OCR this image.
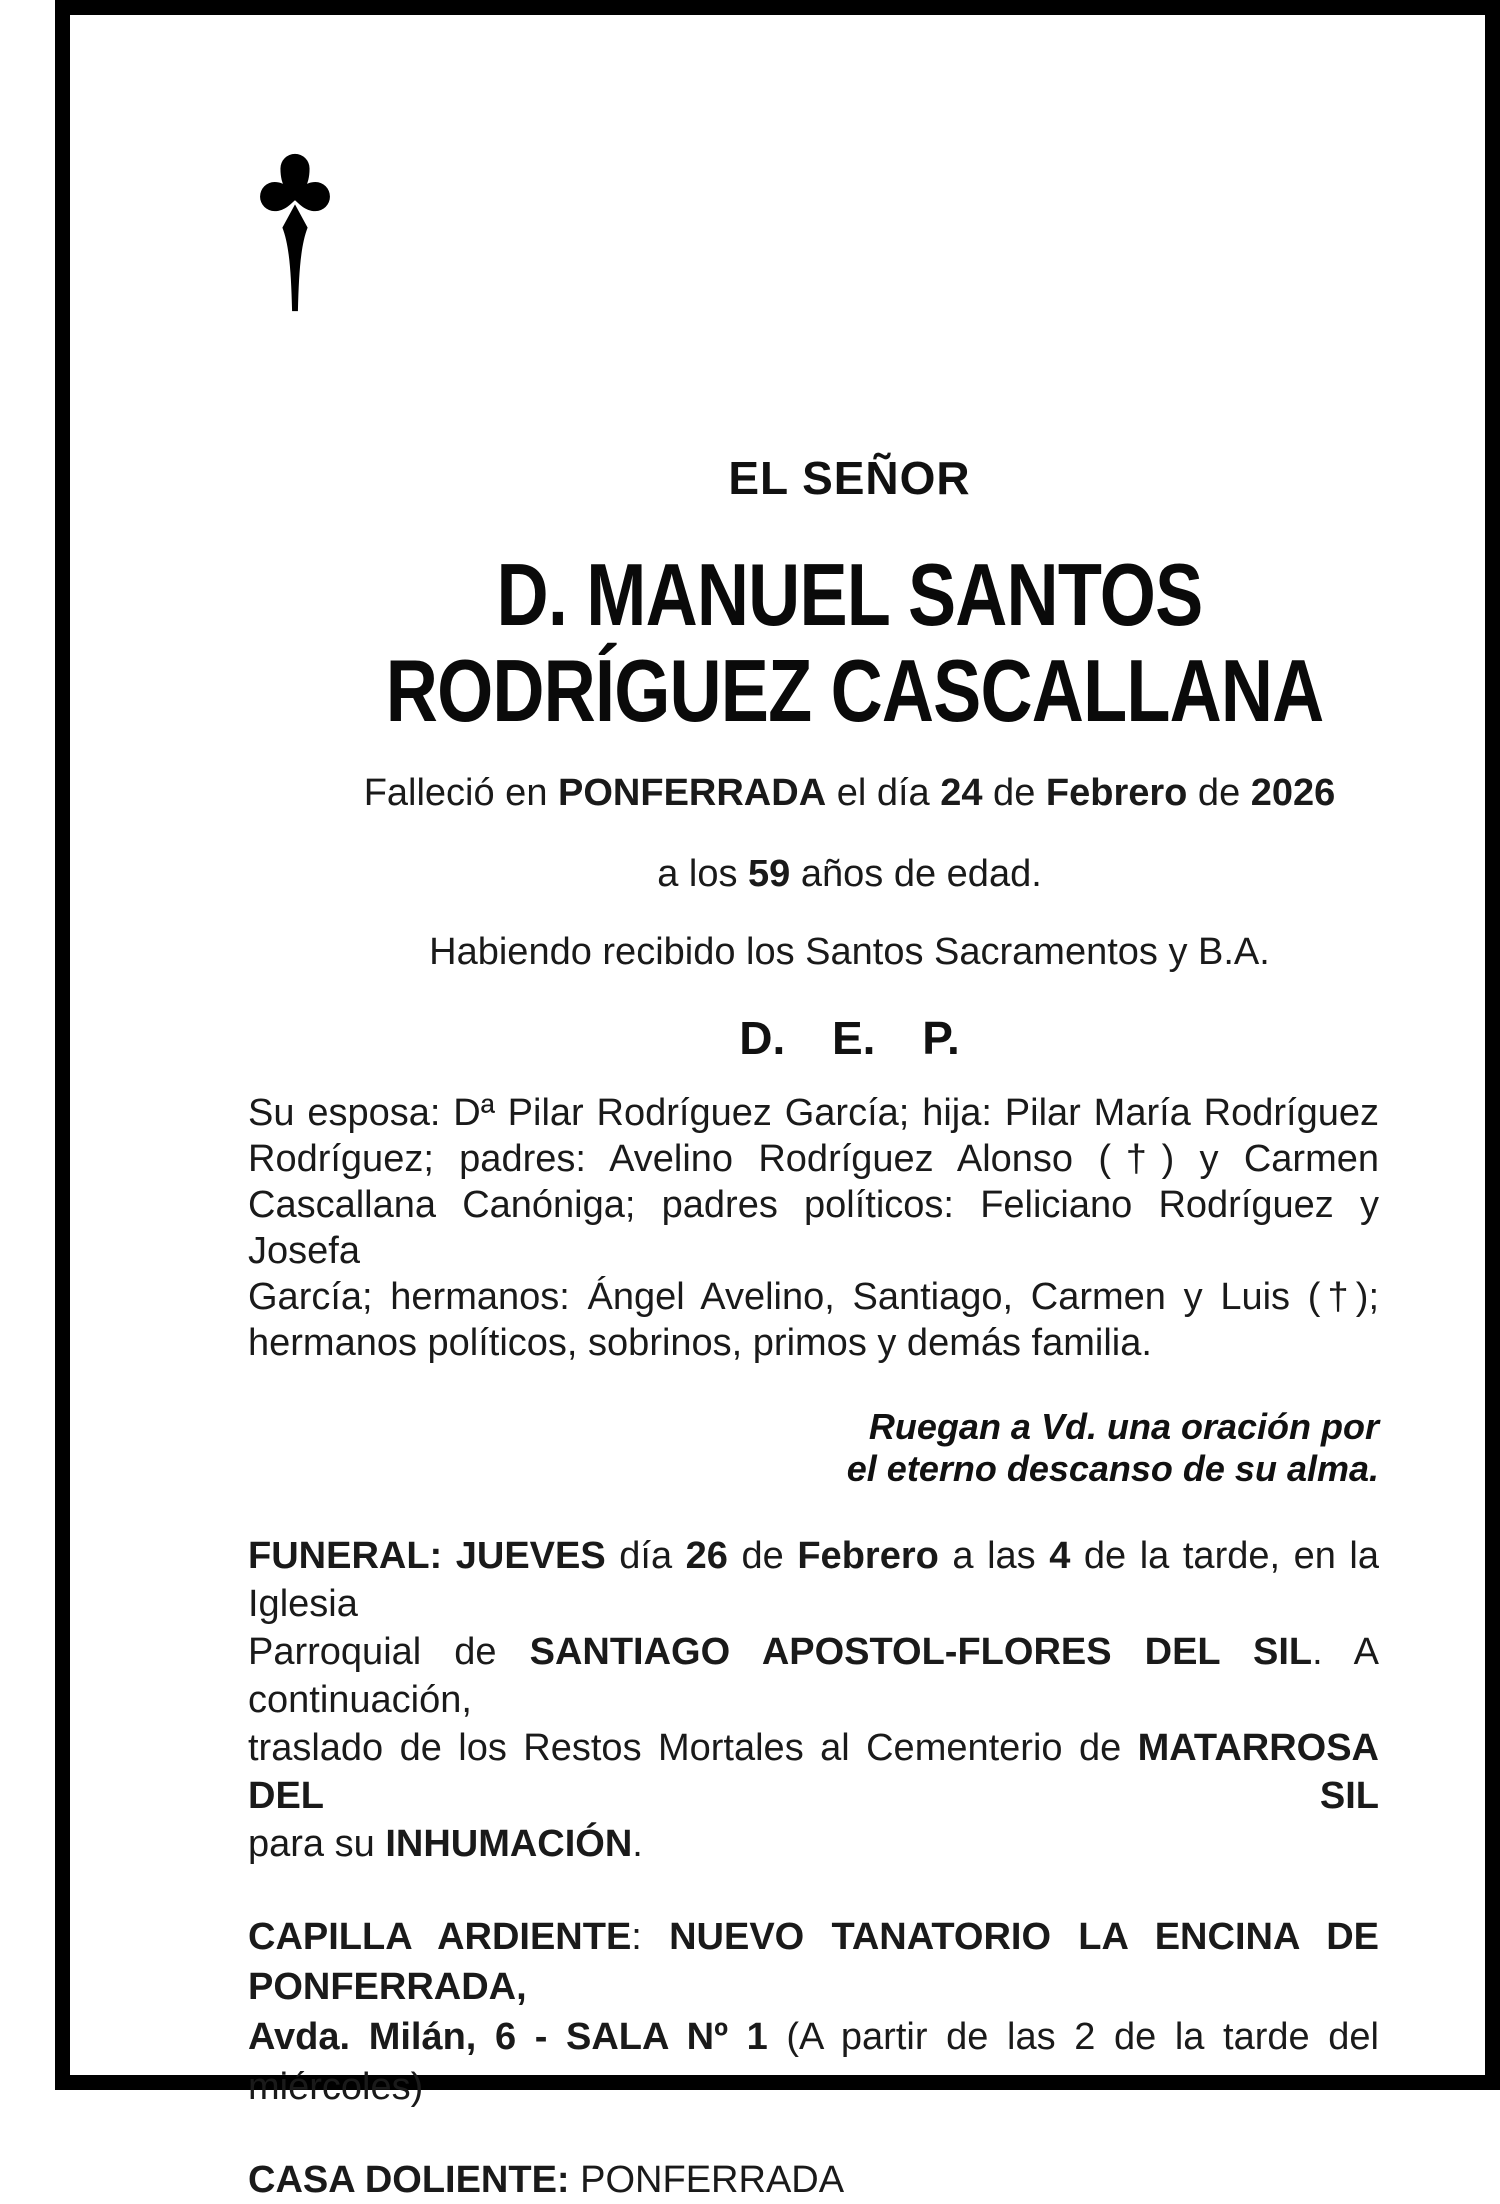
EL SEÑOR
D. MANUEL SANTOS
RODRÍGUEZ CASCALLANA
Falleció en PONFERRADA el día 24 de Febrero de 2026
a los 59 años de edad.
Habiendo recibido los Santos Sacramentos y B.A.
D. E. P.
Su esposa: Dª Pilar Rodríguez García; hija: Pilar María Rodríguez
Rodríguez; padres: Avelino Rodríguez Alonso (†) y Carmen
Cascallana Canóniga; padres políticos: Feliciano Rodríguez y Josefa
García; hermanos: Ángel Avelino, Santiago, Carmen y Luis (†);
hermanos políticos, sobrinos, primos y demás familia.
Ruegan a Vd. una oración por
el eterno descanso de su alma.
FUNERAL: JUEVES día 26 de Febrero a las 4 de la tarde, en la Iglesia
Parroquial de SANTIAGO APOSTOL-FLORES DEL SIL. A continuación,
traslado de los Restos Mortales al Cementerio de MATARROSA DEL SIL
para su INHUMACIÓN.
CAPILLA ARDIENTE: NUEVO TANATORIO LA ENCINA DE PONFERRADA,
Avda. Milán, 6 - SALA Nº 1 (A partir de las 2 de la tarde del miércoles)
CASA DOLIENTE: PONFERRADA
